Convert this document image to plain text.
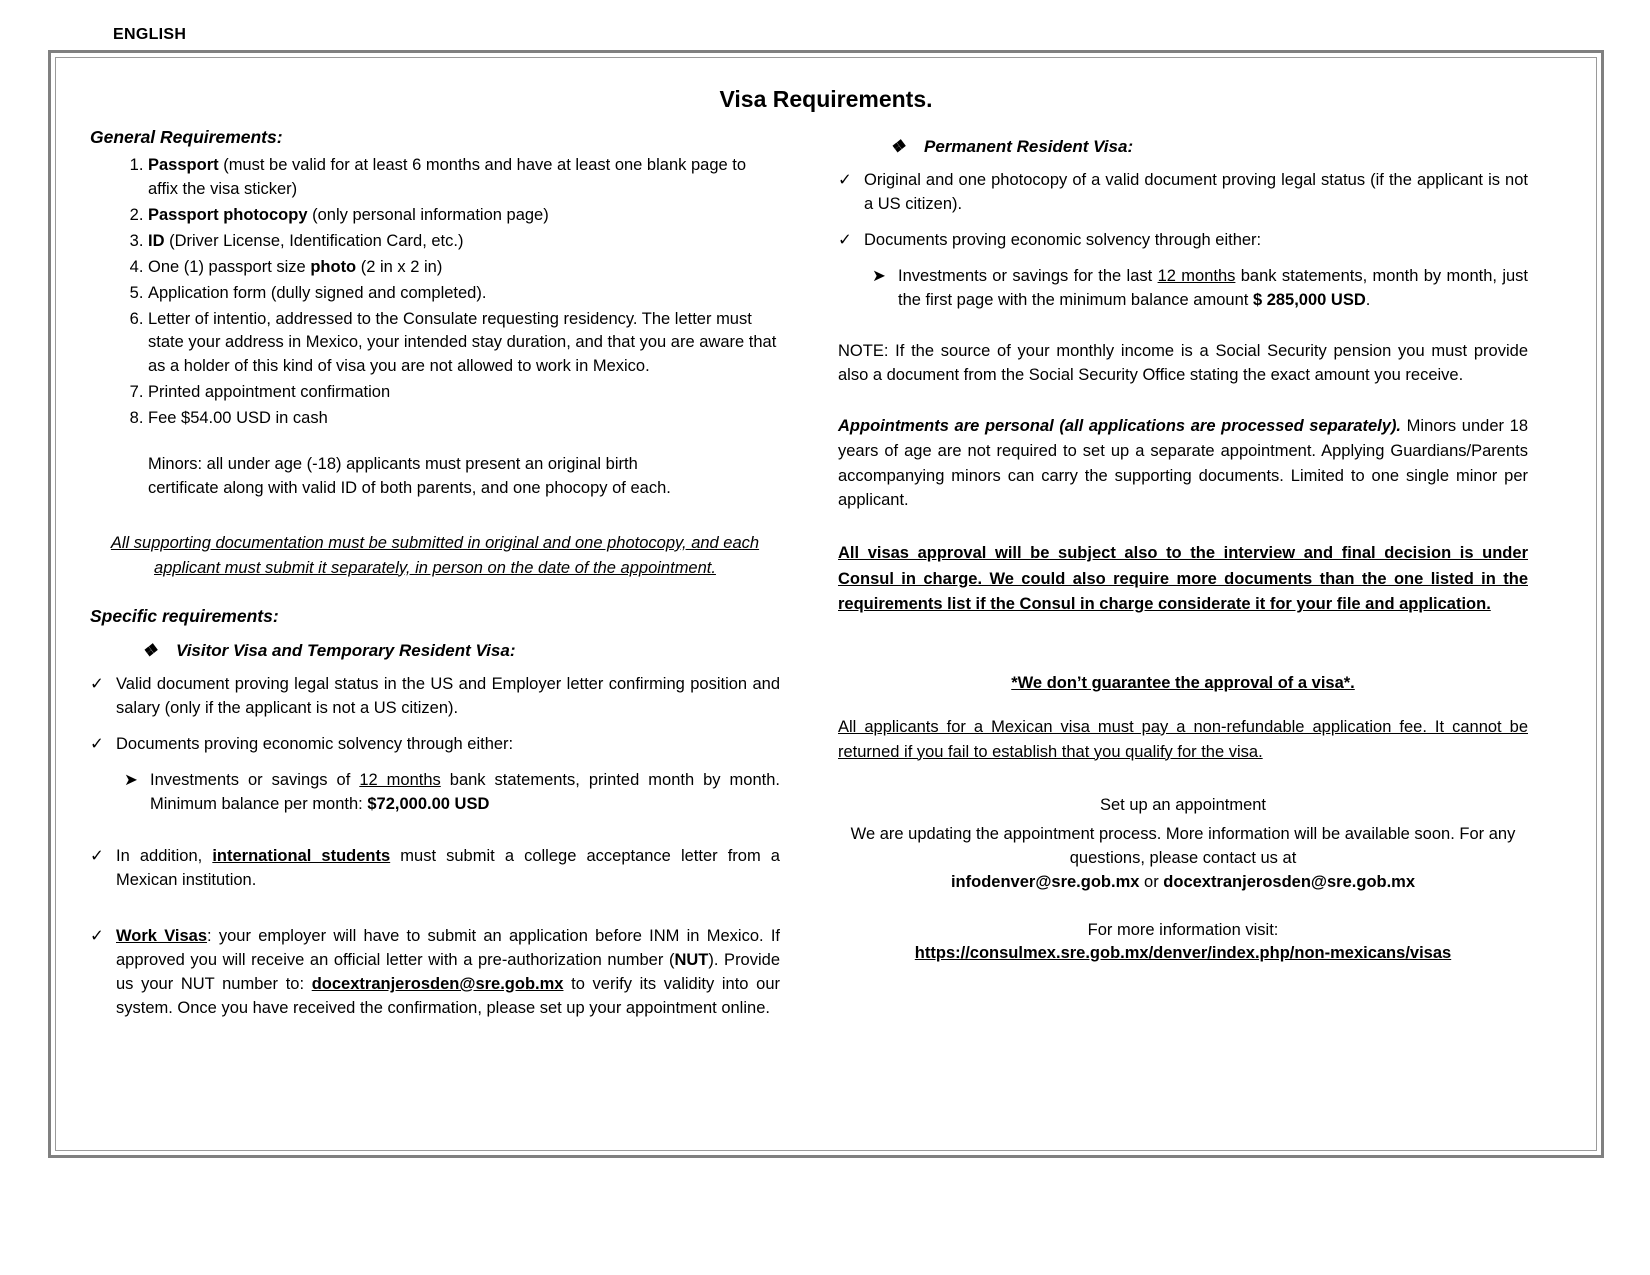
ENGLISH
Visa Requirements.
General Requirements:
1. Passport (must be valid for at least 6 months and have at least one blank page to affix the visa sticker)
2. Passport photocopy (only personal information page)
3. ID (Driver License, Identification Card, etc.)
4. One (1) passport size photo (2 in x 2 in)
5. Application form (dully signed and completed).
6. Letter of intentio, addressed to the Consulate requesting residency. The letter must state your address in Mexico, your intended stay duration, and that you are aware that as a holder of this kind of visa you are not allowed to work in Mexico.
7. Printed appointment confirmation
8. Fee $54.00 USD in cash
Minors: all under age (-18) applicants must present an original birth certificate along with valid ID of both parents, and one phocopy of each.
All supporting documentation must be submitted in original and one photocopy, and each applicant must submit it separately, in person on the date of the appointment.
Specific requirements:
❖	Visitor Visa and Temporary Resident Visa:
✓ Valid document proving legal status in the US and Employer letter confirming position and salary (only if the applicant is not a US citizen).
✓ Documents proving economic solvency through either:
➤ Investments or savings of 12 months bank statements, printed month by month. Minimum balance per month: $72,000.00 USD
✓ In addition, international students must submit a college acceptance letter from a Mexican institution.
✓ Work Visas: your employer will have to submit an application before INM in Mexico. If approved you will receive an official letter with a pre-authorization number (NUT). Provide us your NUT number to: docextranjerosden@sre.gob.mx to verify its validity into our system. Once you have received the confirmation, please set up your appointment online.
❖	Permanent Resident Visa:
✓ Original and one photocopy of a valid document proving legal status (if the applicant is not a US citizen).
✓ Documents proving economic solvency through either:
➤ Investments or savings for the last 12 months bank statements, month by month, just the first page with the minimum balance amount $ 285,000 USD.
NOTE: If the source of your monthly income is a Social Security pension you must provide also a document from the Social Security Office stating the exact amount you receive.
Appointments are personal (all applications are processed separately). Minors under 18 years of age are not required to set up a separate appointment. Applying Guardians/Parents accompanying minors can carry the supporting documents. Limited to one single minor per applicant.
All visas approval will be subject also to the interview and final decision is under Consul in charge. We could also require more documents than the one listed in the requirements list if the Consul in charge considerate it for your file and application.
*We don’t guarantee the approval of a visa*.
All applicants for a Mexican visa must pay a non-refundable application fee. It cannot be returned if you fail to establish that you qualify for the visa.
Set up an appointment
We are updating the appointment process. More information will be available soon. For any questions, please contact us at
infodenver@sre.gob.mx or docextranjerosden@sre.gob.mx
For more information visit:
https://consulmex.sre.gob.mx/denver/index.php/non-mexicans/visas
